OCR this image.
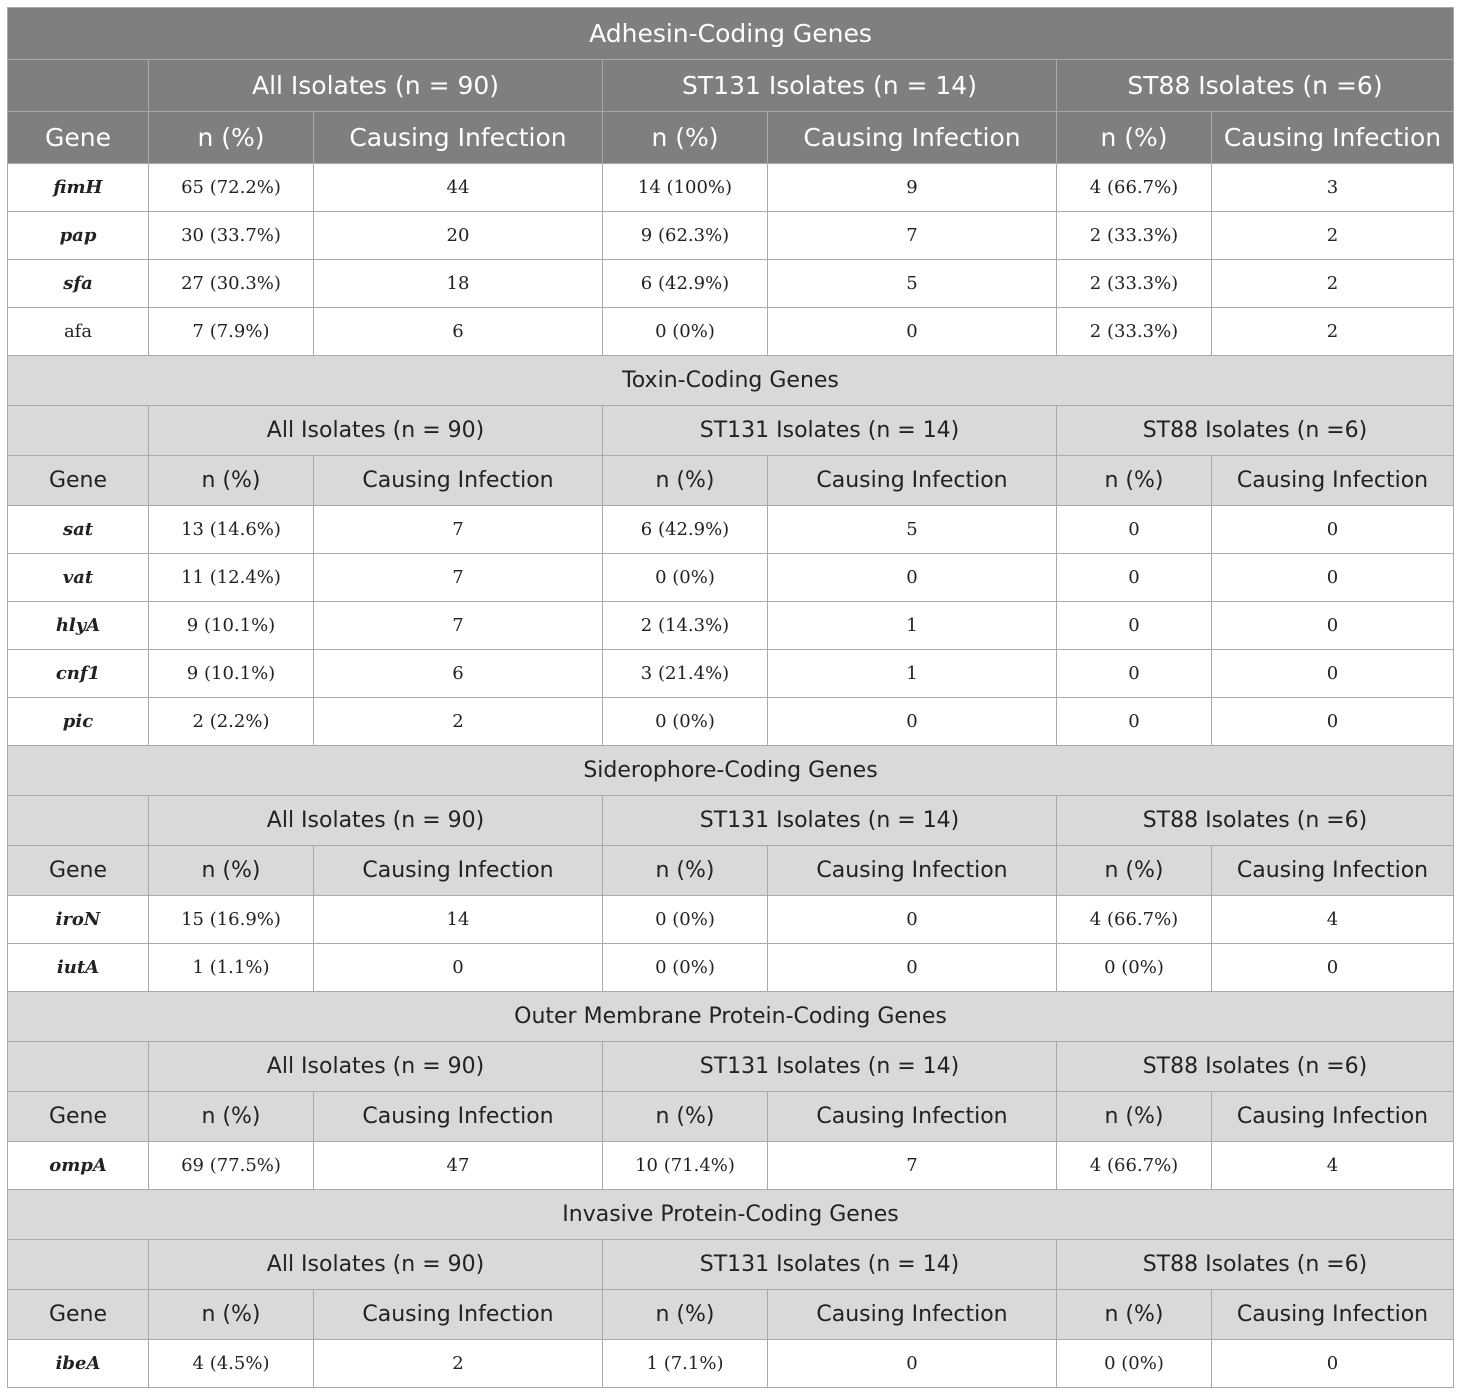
Adhesin-Coding Genes						
	All Isolates (n = 90)		ST131 Isolates (n = 14)		ST88 Isolates (n =6)	
Gene	n (%)	Causing Infection	n (%)	Causing Infection	n (%)	Causing Infection
fimH	65 (72.2%)	44	14 (100%)	9	4 (66.7%)	3
pap	30 (33.7%)	20	9 (62.3%)	7	2 (33.3%)	2
sfa	27 (30.3%)	18	6 (42.9%)	5	2 (33.3%)	2
afa	7 (7.9%)	6	0 (0%)	0	2 (33.3%)	2
Toxin-Coding Genes						
	All Isolates (n = 90)		ST131 Isolates (n = 14)		ST88 Isolates (n =6)	
Gene	n (%)	Causing Infection	n (%)	Causing Infection	n (%)	Causing Infection
sat	13 (14.6%)	7	6 (42.9%)	5	0	0
vat	11 (12.4%)	7	0 (0%)	0	0	0
hlyA	9 (10.1%)	7	2 (14.3%)	1	0	0
cnf1	9 (10.1%)	6	3 (21.4%)	1	0	0
pic	2 (2.2%)	2	0 (0%)	0	0	0
Siderophore-Coding Genes						
	All Isolates (n = 90)		ST131 Isolates (n = 14)		ST88 Isolates (n =6)	
Gene	n (%)	Causing Infection	n (%)	Causing Infection	n (%)	Causing Infection
iroN	15 (16.9%)	14	0 (0%)	0	4 (66.7%)	4
iutA	1 (1.1%)	0	0 (0%)	0	0 (0%)	0
Outer Membrane Protein-Coding Genes						
	All Isolates (n = 90)		ST131 Isolates (n = 14)		ST88 Isolates (n =6)	
Gene	n (%)	Causing Infection	n (%)	Causing Infection	n (%)	Causing Infection
ompA	69 (77.5%)	47	10 (71.4%)	7	4 (66.7%)	4
Invasive Protein-Coding Genes						
	All Isolates (n = 90)		ST131 Isolates (n = 14)		ST88 Isolates (n =6)	
Gene	n (%)	Causing Infection	n (%)	Causing Infection	n (%)	Causing Infection
ibeA	4 (4.5%)	2	1 (7.1%)	0	0 (0%)	0
